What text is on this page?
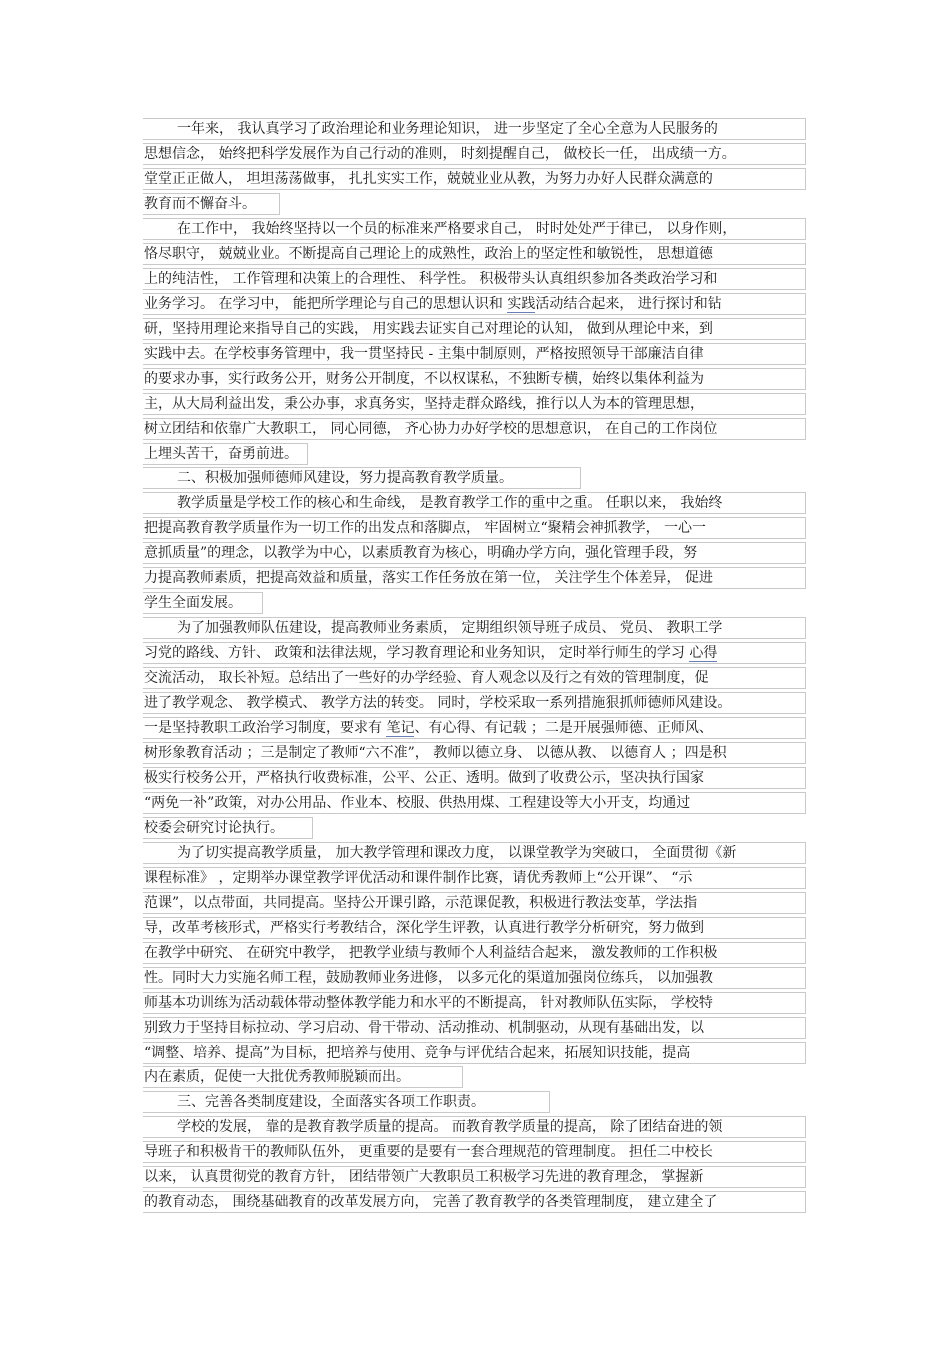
一年来， 我认真学习了政治理论和业务理论知识， 进一步坚定了全心全意为人民服务的
思想信念， 始终把科学发展作为自己行动的准则， 时刻提醒自己， 做校长一任， 出成绩一方。
堂堂正正做人， 坦坦荡荡做事， 扎扎实实工作，兢兢业业从教，为努力办好人民群众满意的
教育而不懈奋斗。
在工作中， 我始终坚持以一个员的标准来严格要求自己， 时时处处严于律已， 以身作则，
恪尽职守， 兢兢业业。不断提高自己理论上的成熟性，政治上的坚定性和敏锐性， 思想道德
上的纯洁性， 工作管理和决策上的合理性、 科学性。 积极带头认真组织参加各类政治学习和
业务学习。 在学习中， 能把所学理论与自己的思想认识和 实践活动结合起来， 进行探讨和钻
研，坚持用理论来指导自己的实践， 用实践去证实自己对理论的认知， 做到从理论中来，到
实践中去。在学校事务管理中，我一贯坚持民 - 主集中制原则，严格按照领导干部廉洁自律
的要求办事，实行政务公开，财务公开制度，不以权谋私，不独断专横，始终以集体利益为
主，从大局利益出发，秉公办事，求真务实，坚持走群众路线，推行以人为本的管理思想，
树立团结和依靠广大教职工， 同心同德， 齐心协力办好学校的思想意识， 在自己的工作岗位
上埋头苦干，奋勇前进。
二、积极加强师德师风建设，努力提高教育教学质量。
教学质量是学校工作的核心和生命线， 是教育教学工作的重中之重。 任职以来， 我始终
把提高教育教学质量作为一切工作的出发点和落脚点， 牢固树立“聚精会神抓教学， 一心一
意抓质量”的理念，以教学为中心，以素质教育为核心，明确办学方向，强化管理手段，努
力提高教师素质，把提高效益和质量，落实工作任务放在第一位， 关注学生个体差异， 促进
学生全面发展。
为了加强教师队伍建设，提高教师业务素质， 定期组织领导班子成员、 党员、 教职工学
习党的路线、方针、 政策和法律法规，学习教育理论和业务知识， 定时举行师生的学习 心得
交流活动， 取长补短。总结出了一些好的办学经验、育人观念以及行之有效的管理制度，促
进了教学观念、 教学模式、 教学方法的转变。 同时，学校采取一系列措施狠抓师德师风建设。
一是坚持教职工政治学习制度，要求有 笔记、有心得、有记载 ；二是开展强师德、正师风、
树形象教育活动 ；三是制定了教师“六不准”， 教师以德立身、 以德从教、 以德育人 ；四是积
极实行校务公开，严格执行收费标准，公平、公正、透明。做到了收费公示，坚决执行国家
“两免一补”政策，对办公用品、作业本、校服、供热用煤、工程建设等大小开支，均通过
校委会研究讨论执行。
为了切实提高教学质量， 加大教学管理和课改力度， 以课堂教学为突破口， 全面贯彻《新
课程标准》 ，定期举办课堂教学评优活动和课件制作比赛，请优秀教师上“公开课”、 “示
范课”，以点带面，共同提高。坚持公开课引路，示范课促教，积极进行教法变革，学法指
导，改革考核形式，严格实行考教结合，深化学生评教，认真进行教学分析研究，努力做到
在教学中研究、 在研究中教学， 把教学业绩与教师个人利益结合起来， 激发教师的工作积极
性。同时大力实施名师工程，鼓励教师业务进修， 以多元化的渠道加强岗位练兵， 以加强教
师基本功训练为活动载体带动整体教学能力和水平的不断提高， 针对教师队伍实际， 学校特
别致力于坚持目标拉动、学习启动、骨干带动、活动推动、机制驱动，从现有基础出发，以
“调整、培养、提高”为目标，把培养与使用、竞争与评优结合起来，拓展知识技能，提高
内在素质，促使一大批优秀教师脱颖而出。
三、完善各类制度建设，全面落实各项工作职责。
学校的发展， 靠的是教育教学质量的提高。 而教育教学质量的提高， 除了团结奋进的领
导班子和积极肯干的教师队伍外， 更重要的是要有一套合理规范的管理制度。 担任二中校长
以来， 认真贯彻党的教育方针， 团结带领广大教职员工积极学习先进的教育理念， 掌握新
的教育动态， 围绕基础教育的改革发展方向， 完善了教育教学的各类管理制度， 建立建全了
